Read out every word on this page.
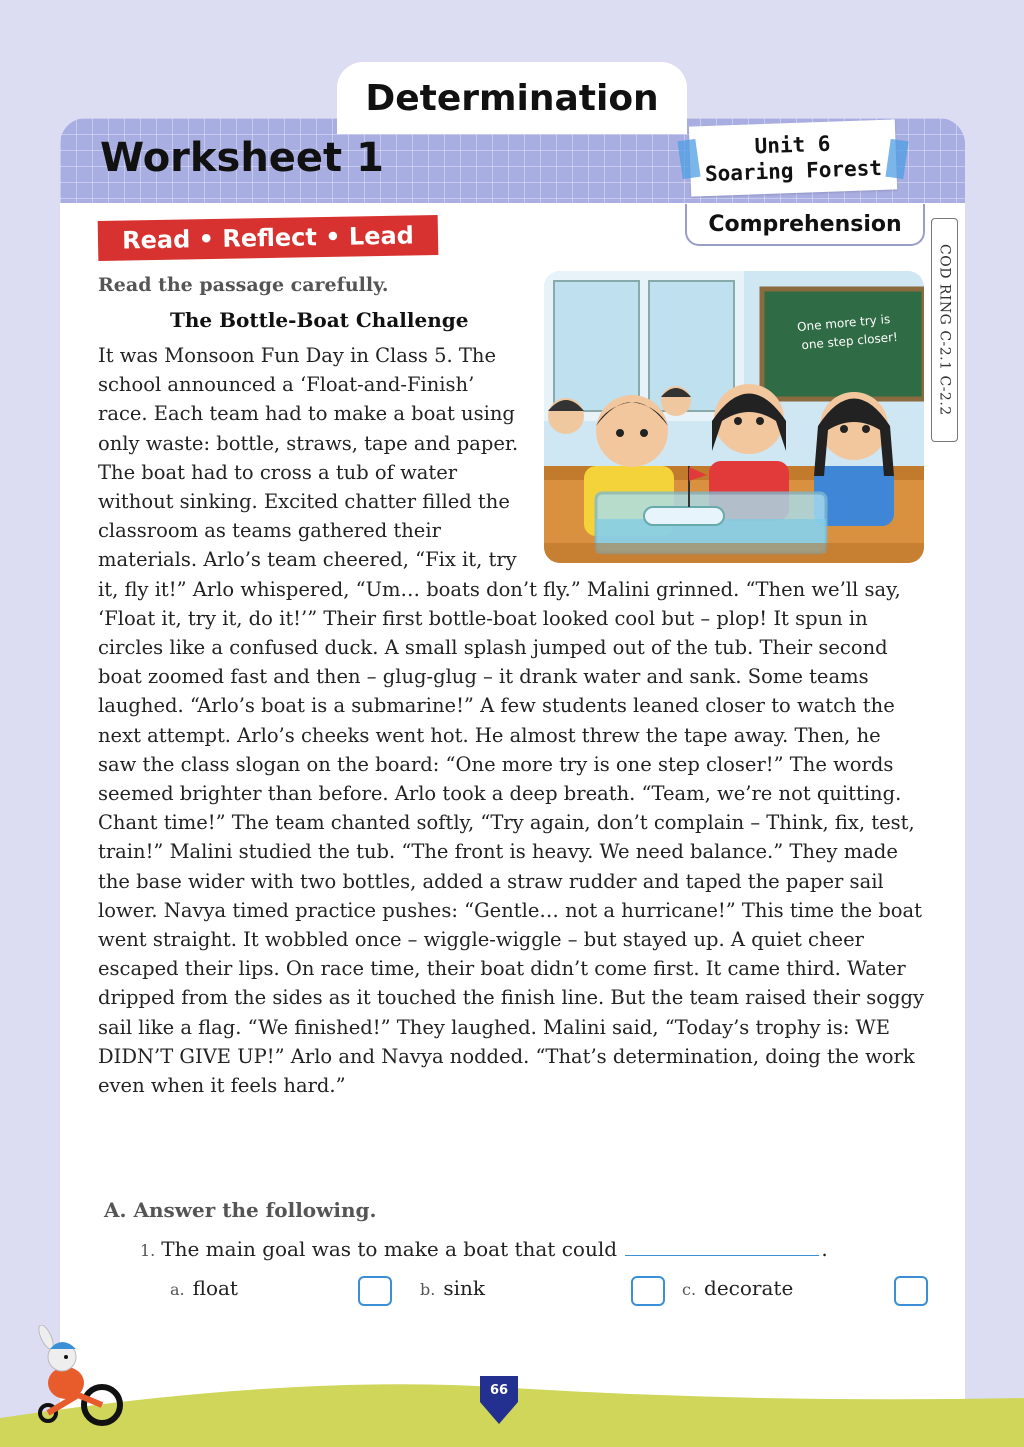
Determination
Worksheet 1	Unit 6
Soaring Forest
Comprehension
COD RING C-2.1 C-2.2
Read • Reflect • Lead
Read the passage carefully.
The Bottle-Boat Challenge	One more try is
one step closer!
It was Monsoon Fun Day in Class 5. The school announced a ‘Float-and-Finish’ race. Each team had to make a boat using only waste: bottle, straws, tape and paper. The boat had to cross a tub of water without sinking. Excited chatter filled the classroom as teams gathered their materials. Arlo’s team cheered, “Fix it, try it, fly it!” Arlo whispered, “Um… boats don’t fly.” Malini grinned. “Then we’ll say, ‘Float it, try it, do it!’” Their first bottle-boat looked cool but – plop! It spun in circles like a confused duck. A small splash jumped out of the tub. Their second boat zoomed fast and then – glug-glug – it drank water and sank. Some teams laughed. “Arlo’s boat is a submarine!” A few students leaned closer to watch the next attempt. Arlo’s cheeks went hot. He almost threw the tape away. Then, he saw the class slogan on the board: “One more try is one step closer!” The words seemed brighter than before. Arlo took a deep breath. “Team, we’re not quitting. Chant time!” The team chanted softly, “Try again, don’t complain – Think, fix, test, train!” Malini studied the tub. “The front is heavy. We need balance.” They made the base wider with two bottles, added a straw rudder and taped the paper sail lower. Navya timed practice pushes: “Gentle… not a hurricane!” This time the boat went straight. It wobbled once – wiggle-wiggle – but stayed up. A quiet cheer escaped their lips. On race time, their boat didn’t come first. It came third. Water dripped from the sides as it touched the finish line. But the team raised their soggy sail like a flag. “We finished!” They laughed. Malini said, “Today’s trophy is: WE DIDN’T GIVE UP!” Arlo and Navya nodded. “That’s determination, doing the work even when it feels hard.”
A. Answer the following.
1. The main goal was to make a boat that could	.
a. float	b. sink	c. decorate
66
